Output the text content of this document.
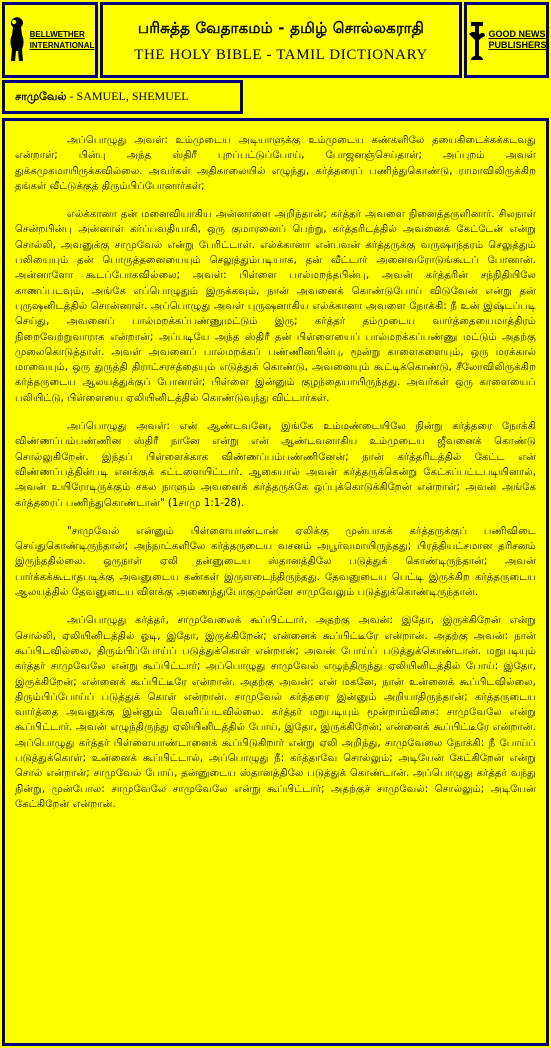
BELLWETHER
INTERNATIONAL
பரிசுத்த வேதாகமம் - தமிழ் சொல்லகராதி
THE HOLY BIBLE - TAMIL DICTIONARY
GOOD NEWS
PUBLISHERS
சாமுவேல் - SAMUEL, SHEMUEL

அப்பொழுது அவள்: உம்முடைய அடியாளுக்கு உம்முடைய கண்களிலே தயைகிடைக்கக்கடவது என்றாள்; பின்பு அந்த ஸ்திரீ புறப்பட்டுப்போய், போஜனஞ்செய்தாள்; அப்புறம் அவள் துக்கமுகமாயிருக்கவில்லை. அவர்கள் அதிகாலையில் எழுந்து, கர்த்தரைப் பணிந்துகொண்டு, ராமாவிலிருக்கிற தங்கள் வீட்டுக்குத் திரும்பிப்போனார்கள்;

எல்க்கானா தன் மனைவியாகிய அன்னாளை அறிந்தான்; கர்த்தர் அவளை நினைத்தருளினார். சிலநாள் சென்றபின்பு அன்னாள் கர்ப்பவதியாகி, ஒரு குமாரனைப் பெற்று, கர்த்தரிடத்தில் அவனைக் கேட்டேன் என்று சொல்லி, அவனுக்கு சாமுவேல் என்று பேரிட்டாள். எல்க்கானா என்பவன் கர்த்தருக்கு வருஷாந்தரம் செலுத்தும் பலியையும் தன் பொருத்தனையையும் செலுத்தும்படியாக, தன் வீட்டார் அனைவரோடுங்கூடப் போனான். அன்னாளோ கூடப்போகவில்லை; அவள்: பிள்ளை பால்மறந்தபின்பு, அவன் கர்த்தரின் சந்நிதியிலே காணப்படவும், அங்கே எப்பொழுதும் இருக்கவும், நான் அவனைக் கொண்டுபோய் விடுவேன் என்று தன் புருஷனிடத்தில் சொன்னாள். அப்பொழுது அவள் புருஷனாகிய எல்க்கானா அவளை நோக்கி: நீ உன் இஷ்டப்படி செய்து, அவனைப் பால்மறக்கப்பண்ணுமட்டும் இரு; கர்த்தர் தம்முடைய வார்த்தையைமாத்திரம் நிறைவேற்றுவாராக என்றான்; அப்படியே அந்த ஸ்திரீ தன் பிள்ளையைப் பால்மறக்கப்பண்ணு மட்டும் அதற்கு முலைகொடுத்தாள். அவள் அவனைப் பால்மறக்கப் பண்ணினபின்பு, மூன்று காளைகளையும், ஒரு மரக்கால் மாவையும், ஒரு துருத்தி திராட்சரசத்தையும் எடுத்துக் கொண்டு, அவனையும் கூட்டிக்கொண்டு, சீலோவிலிருக்கிற கர்த்தருடைய ஆலயத்துக்குப் போனாள்; பிள்ளை இன்னும் குழந்தையாயிருந்தது. அவர்கள் ஒரு காளையைப் பலியிட்டு, பிள்ளையை ஏலியினிடத்தில் கொண்டுவந்து விட்டார்கள்.

அப்பொழுது அவள்: என் ஆண்டவனே, இங்கே உம்மண்டையிலே நின்று கர்த்தரை நோக்கி விண்ணப்பம்பண்ணின ஸ்திரீ நானே என்று என் ஆண்டவனாகிய உம்முடைய ஜீவனைக் கொண்டு சொல்லுகிறேன். இந்தப் பிள்ளைக்காக விண்ணப்பம்பண்ணினேன்; நான் கர்த்தரிடத்தில் கேட்ட என் விண்ணப்பத்தின்படி எனக்குக் கட்டளையிட்டார். ஆகையால் அவன் கர்த்தருக்கென்று கேட்கப்பட்டபடியினால், அவன் உயிரோடிருக்கும் சகல நாளும் அவனைக் கர்த்தருக்கே ஒப்புக்கொடுக்கிறேன் என்றாள்; அவன் அங்கே கர்த்தரைப் பணிந்துகொண்டான்" (1சாமு 1:1-28).

"சாமுவேல் என்னும் பிள்ளையாண்டான் ஏலிக்கு முன்பாகக் கர்த்தருக்குப் பணிவிடை செய்துகொண்டிருந்தான்; அந்நாட்களிலே கர்த்தருடைய வசனம் அபூர்வமாயிருந்தது; பிரத்தியட்சமான தரிசனம் இருந்ததில்லை. ஒருநாள் ஏலி தன்னுடைய ஸ்தானத்திலே படுத்துக் கொண்டிருந்தான்; அவன் பார்க்கக்கூடாதபடிக்கு அவனுடைய கண்கள் இருளடைந்திருந்தது. தேவனுடைய பெட்டி இருக்கிற கர்த்தருடைய ஆலயத்தில் தேவனுடைய விளக்கு அணைந்துபோகுமுன்னே சாமுவேலும் படுத்துக்கொண்டிருந்தான்.

அப்பொழுது கர்த்தர், சாமுவேலைக் கூப்பிட்டார். அதற்கு அவன்: இதோ, இருக்கிறேன் என்று சொல்லி, ஏலியினிடத்தில் ஓடி, இதோ, இருக்கிறேன்; என்னைக் கூப்பிட்டீரே என்றான். அதற்கு அவன்: நான் கூப்பிடவில்லை, திரும்பிப்போய்ப் படுத்துக்கொள் என்றான்; அவன் போய்ப் படுத்துக்கொண்டான். மறுபடியும் கர்த்தர் சாமுவேலே என்று கூப்பிட்டார்; அப்பொழுது சாமுவேல் எழுந்திருந்து ஏலியினிடத்தில் போய்: இதோ, இருக்கிறேன்; என்னைக் கூப்பிட்டீரே என்றான். அதற்கு அவன்: என் மகனே, நான் உன்னைக் கூப்பிடவில்லை, திரும்பிப்போய்ப் படுத்துக் கொள் என்றான். சாமுவேல் கர்த்தரை இன்னும் அறியாதிருந்தான்; கர்த்தருடைய வார்த்தை அவனுக்கு இன்னும் வெளிப்படவில்லை. கர்த்தர் மறுபடியும் மூன்றாம்விசை: சாமுவேலே என்று கூப்பிட்டார். அவன் எழுந்திருந்து ஏலியினிடத்தில் போய், இதோ, இருக்கிறேன்; என்னைக் கூப்பிட்டீரே என்றான். அப்பொழுது கர்த்தர் பிள்ளையாண்டானைக் கூப்பிடுகிறார் என்று ஏலி அறிந்து, சாமுவேலை நோக்கி: நீ போய்ப் படுத்துக்கொள்; உன்னைக் கூப்பிட்டால், அப்பொழுது நீ: கர்த்தாவே சொல்லும்; அடியேன் கேட்கிறேன் என்று சொல் என்றான்; சாமுவேல் போய், தன்னுடைய ஸ்தானத்திலே படுத்துக் கொண்டான். அப்பொழுது கர்த்தர் வந்து நின்று, முன்போல: சாமுவேலே சாமுவேலே என்று கூப்பிட்டார்; அதற்குச் சாமுவேல்: சொல்லும்; அடியேன் கேட்கிறேன் என்றான்.
